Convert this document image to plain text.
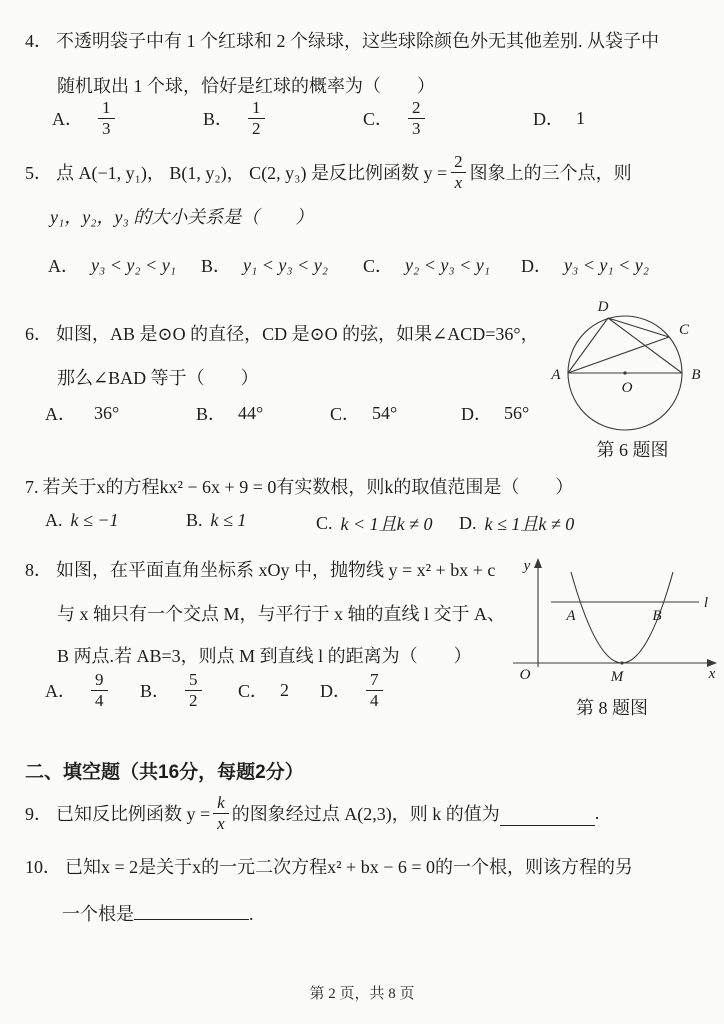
4． 不透明袋子中有 1 个红球和 2 个绿球，这些球除颜色外无其他差别. 从袋子中
随机取出 1 个球，恰好是红球的概率为（　　）
A． $\frac{1}{3}$	B． $\frac{1}{2}$	C． $\frac{2}{3}$	D． 1
5． 点 A(−1, y₁)， B(1, y₂)， C(2, y₃) 是反比例函数 $y = \frac{2}{x}$ 图象上的三个点，则
y₁，y₂，y₃ 的大小关系是（　　）
A． y₃ < y₂ < y₁ B． y₁ < y₃ < y₂ C． y₂ < y₃ < y₁ D． y₃ < y₁ < y₂
6． 如图，AB 是⊙O 的直径，CD 是⊙O 的弦，如果∠ACD=36°，
那么∠BAD 等于（　　）
A． 36°	B． 44°	C． 54°	D． 56°
A	B
C
D
O
第 6 题图
7. 若关于x的方程kx² − 6x + 9 = 0有实数根，则k的取值范围是（　　）
A. k ≤ −1	B. k ≤ 1	C. k < 1且k ≠ 0 D. k ≤ 1且k ≠ 0
8． 如图，在平面直角坐标系 xOy 中，抛物线 y = x² + bx + c
与 x 轴只有一个交点 M，与平行于 x 轴的直线 l 交于 A、
B 两点.若 AB=3，则点 M 到直线 l 的距离为（　　）
A． $\frac{9}{4}$ B． $\frac{5}{2}$ C． 2 D． $\frac{7}{4}$
y
x
O	M
A	B
l
第 8 题图
二、填空题（共16分，每题2分）
9． 已知反比例函数 $y = \frac{k}{x}$ 的图象经过点 A(2,3)，则 k 的值为	.
10． 已知x = 2是关于x的一元二次方程x² + bx − 6 = 0的一个根，则该方程的另
一个根是	.
第 2 页，共 8 页
